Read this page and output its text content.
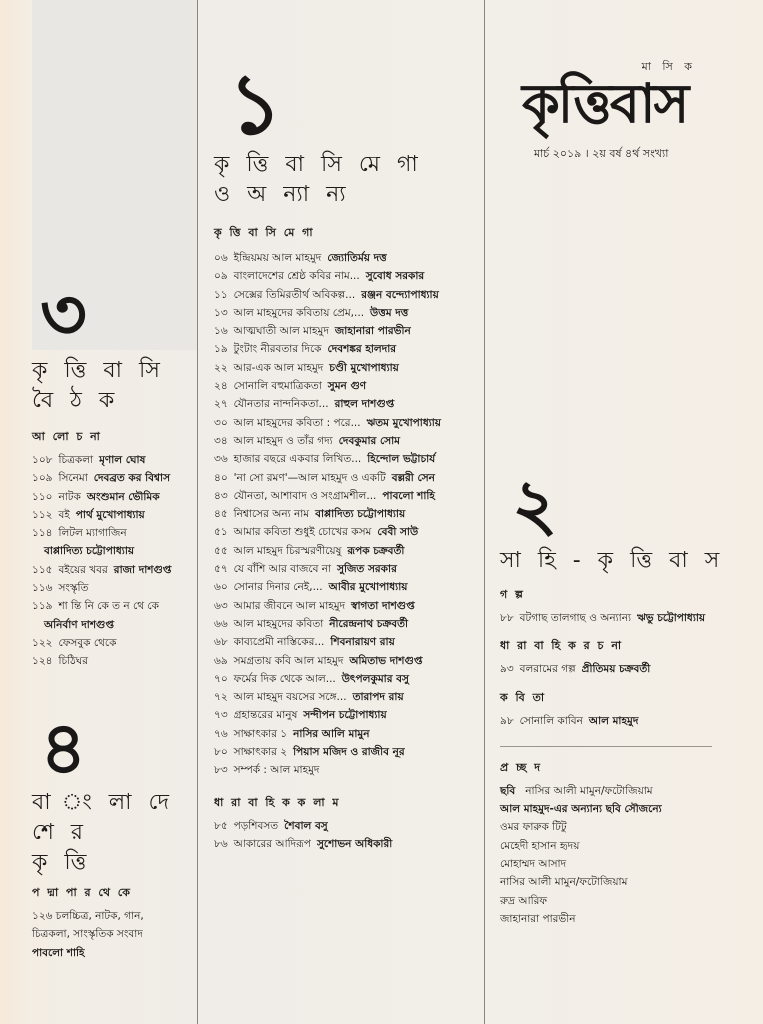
৩
কৃ ত্তি বা সি
বৈ ঠ ক
আ লো চ না
১০৮ চিত্রকলা মৃণাল ঘোষ
১০৯ সিনেমা দেবব্রত কর বিশ্বাস
১১০ নাটক অংশুমান ভৌমিক
১১২ বই পার্থ মুখোপাধ্যায়
১১৪ লিটল ম্যাগাজিন
বাপ্পাদিত্য চট্টোপাধ্যায়
১১৫ বইয়ের খবর রাজা দাশগুপ্ত
১১৬ সংস্কৃতি
১১৯ শা ন্তি নি কে ত ন থে কে
অনির্বাণ দাশগুপ্ত
১২২ ফেসবুক থেকে
১২৪ চিঠিঘর
৪
বা ং লা দে শে র
কৃ ত্তি
প দ্মা পা র থে কে
১২৬ চলচ্চিত্র, নাটক, গান,
চিত্রকলা, সাংস্কৃতিক সংবাদ
পাবলো শাহি
১
কৃ ত্তি বা সি মে গা
ও অ ন্যা ন্য
কৃ ত্তি বা সি মে গা
০৬ ইন্দ্রিয়ময় আল মাহমুদ জ্যোতির্ময় দত্ত
০৯ বাংলাদেশের শ্রেষ্ঠ কবির নাম... সুবোধ সরকার
১১ সেক্সের তিমিরতীর্থ অবিকল্প... রঞ্জন বন্দ্যোপাধ্যায়
১৩ আল মাহমুদের কবিতায় প্রেম,... উত্তম দত্ত
১৬ আত্মঘাতী আল মাহমুদ জাহানারা পারভীন
১৯ টুংটাং নীরবতার দিকে দেবশঙ্কর হালদার
২২ আর-এক আল মাহমুদ চণ্ডী মুখোপাধ্যায়
২৪ সোনালি বহুমাত্রিকতা সুমন গুণ
২৭ যৌনতার নান্দনিকতা... রাহুল দাশগুপ্ত
৩০ আল মাহমুদের কবিতা : পরে... ঋতম মুখোপাধ্যায়
৩৪ আল মাহমুদ ও তাঁর গদ্য দেবকুমার সোম
৩৬ হাজার বছরে একবার লিখিত... হিন্দোল ভট্টাচার্য
৪০ 'না সো রমণ'—আল মাহমুদ ও একটি বল্লরী সেন
৪৩ যৌনতা, আশাবাদ ও সংগ্রামশীল... পাবলো শাহি
৪৫ নিশ্বাসের অন্য নাম বাপ্পাদিত্য চট্টোপাধ্যায়
৫১ আমার কবিতা শুধুই চোখের কসম বেবী সাউ
৫৫ আল মাহমুদ চিরস্মরণীয়েষু রূপক চক্রবর্তী
৫৭ যে বাঁশি আর বাজবে না সুজিত সরকার
৬০ সোনার দিনার নেই,... আবীর মুখোপাধ্যায়
৬৩ আমার জীবনে আল মাহমুদ স্বাগতা দাশগুপ্ত
৬৬ আল মাহমুদের কবিতা নীরেন্দ্রনাথ চক্রবর্তী
৬৮ কাব্যপ্রেমী নাস্তিকের... শিবনারায়ণ রায়
৬৯ সমগ্রতায় কবি আল মাহমুদ অমিতাভ দাশগুপ্ত
৭০ ফর্মের দিক থেকে আল... উৎপলকুমার বসু
৭২ আল মাহমুদ বয়সের সঙ্গে... তারাপদ রায়
৭৩ গ্রহান্তরের মানুষ সন্দীপন চট্টোপাধ্যায়
৭৬ সাক্ষাৎকার ১ নাসির আলি মামুন
৮০ সাক্ষাৎকার ২ পিয়াস মজিদ ও রাজীব নূর
৮৩ সম্পর্ক : আল মাহমুদ
ধা রা বা হি ক ক লা ম
৮৫ পড়শিবসত শৈবাল বসু
৮৬ আকারের আদিরূপ সুশোভন অধিকারী
মা সি ক
কৃত্তিবাস
মার্চ ২০১৯ । ২য় বর্ষ ৪র্থ সংখ্যা
২
সা হি - কৃ ত্তি বা স
গ ল্প
৮৮ বটগাছ তালগাছ ও অন্যান্য ঋভু চট্টোপাধ্যায়
ধা রা বা হি ক র চ না
৯৩ বলরামের গল্প প্রীতিময় চক্রবর্তী
ক বি তা
৯৮ সোনালি কাবিন আল মাহমুদ
প্র চ্ছ দ
ছবি নাসির আলী মামুন/ফটোজিয়াম
আল মাহমুদ-এর অন্যান্য ছবি সৌজন্যে
ওমর ফারুক টিটু
মেহেদী হাসান হৃদয়
মোহাম্মদ আসাদ
নাসির আলী মামুন/ফটোজিয়াম
রুদ্র আরিফ
জাহানারা পারভীন
